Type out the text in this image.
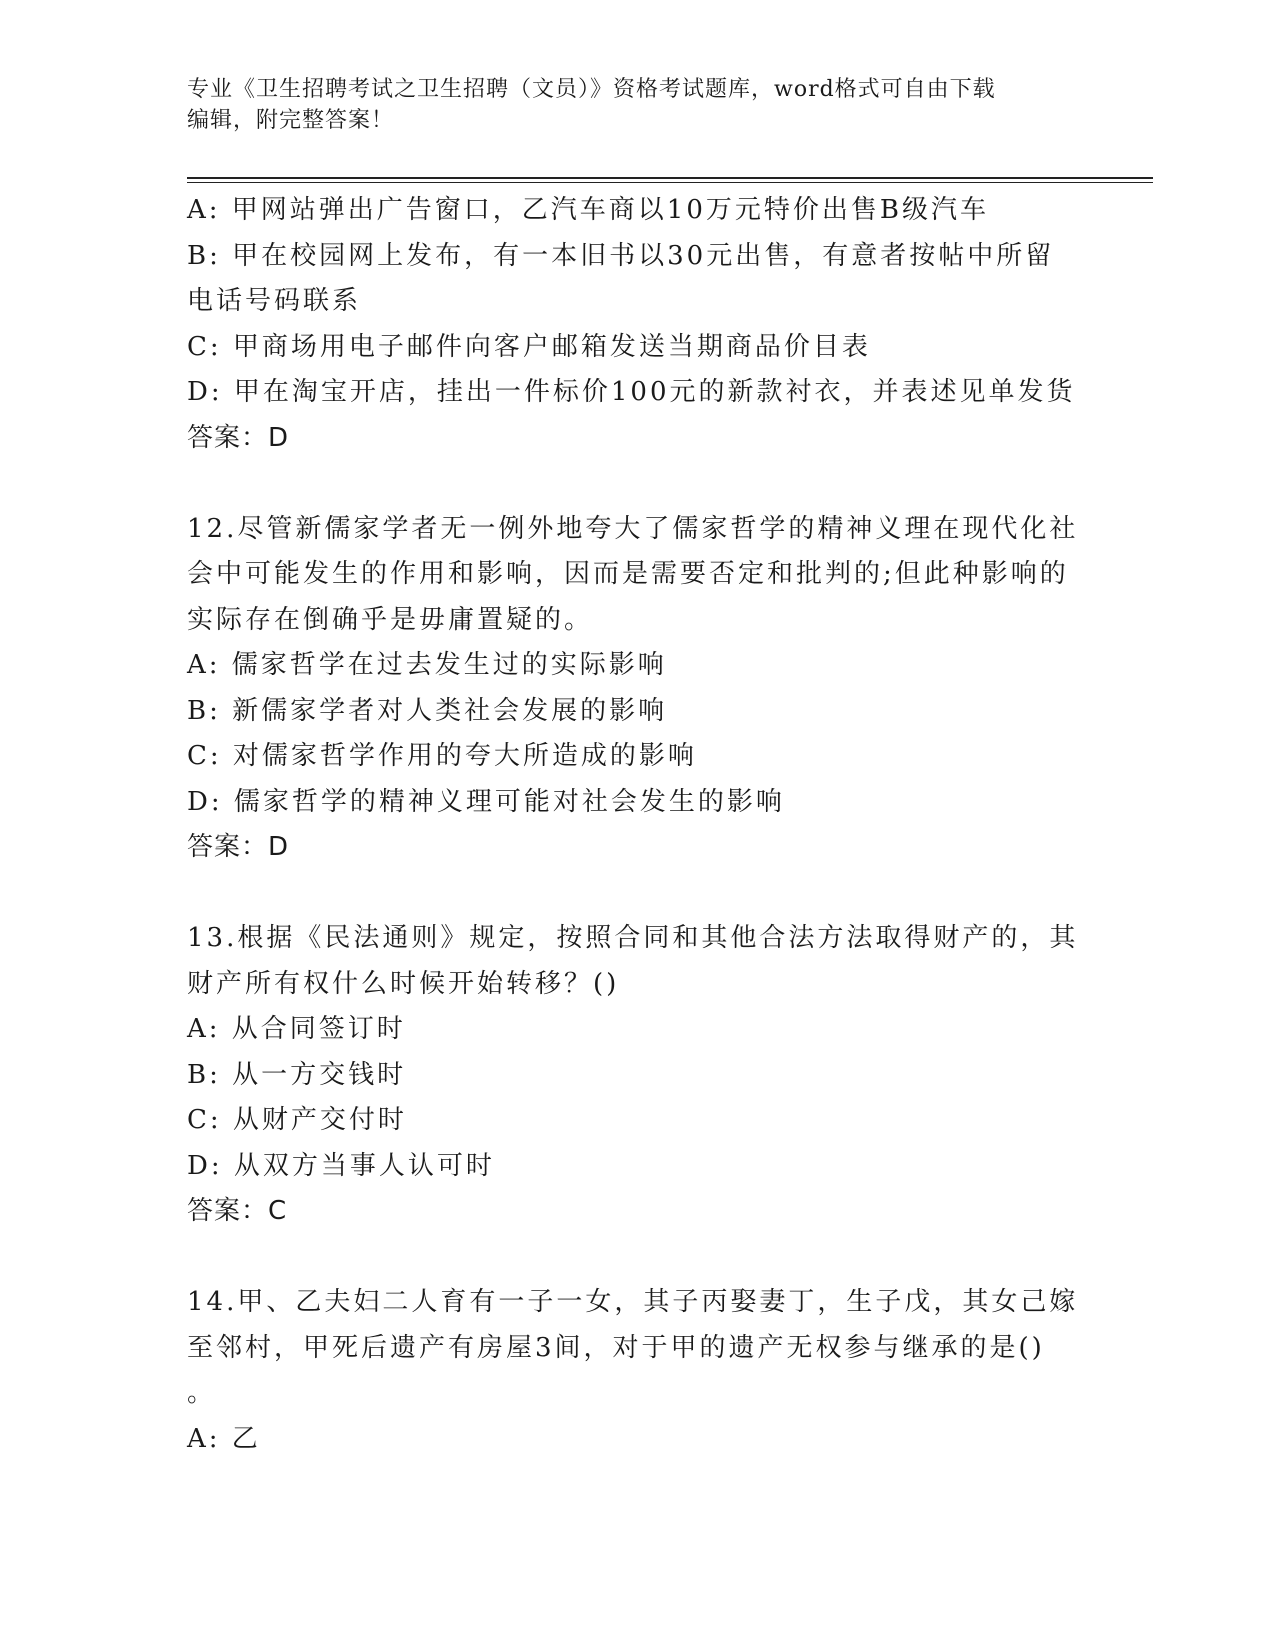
专业《卫生招聘考试之卫生招聘（文员）》资格考试题库，word格式可自由下载
编辑，附完整答案！
A: 甲网站弹出广告窗口，乙汽车商以10万元特价出售B级汽车
B: 甲在校园网上发布，有一本旧书以30元出售，有意者按帖中所留
电话号码联系
C: 甲商场用电子邮件向客户邮箱发送当期商品价目表
D: 甲在淘宝开店，挂出一件标价100元的新款衬衣，并表述见单发货
答案：D
12.尽管新儒家学者无一例外地夸大了儒家哲学的精神义理在现代化社
会中可能发生的作用和影响，因而是需要否定和批判的;但此种影响的
实际存在倒确乎是毋庸置疑的。
A: 儒家哲学在过去发生过的实际影响
B: 新儒家学者对人类社会发展的影响
C: 对儒家哲学作用的夸大所造成的影响
D: 儒家哲学的精神义理可能对社会发生的影响
答案：D
13.根据《民法通则》规定，按照合同和其他合法方法取得财产的，其
财产所有权什么时候开始转移？()
A: 从合同签订时
B: 从一方交钱时
C: 从财产交付时
D: 从双方当事人认可时
答案：C
14.甲、乙夫妇二人育有一子一女，其子丙娶妻丁，生子戊，其女己嫁
至邻村，甲死后遗产有房屋3间，对于甲的遗产无权参与继承的是()
。
A: 乙
